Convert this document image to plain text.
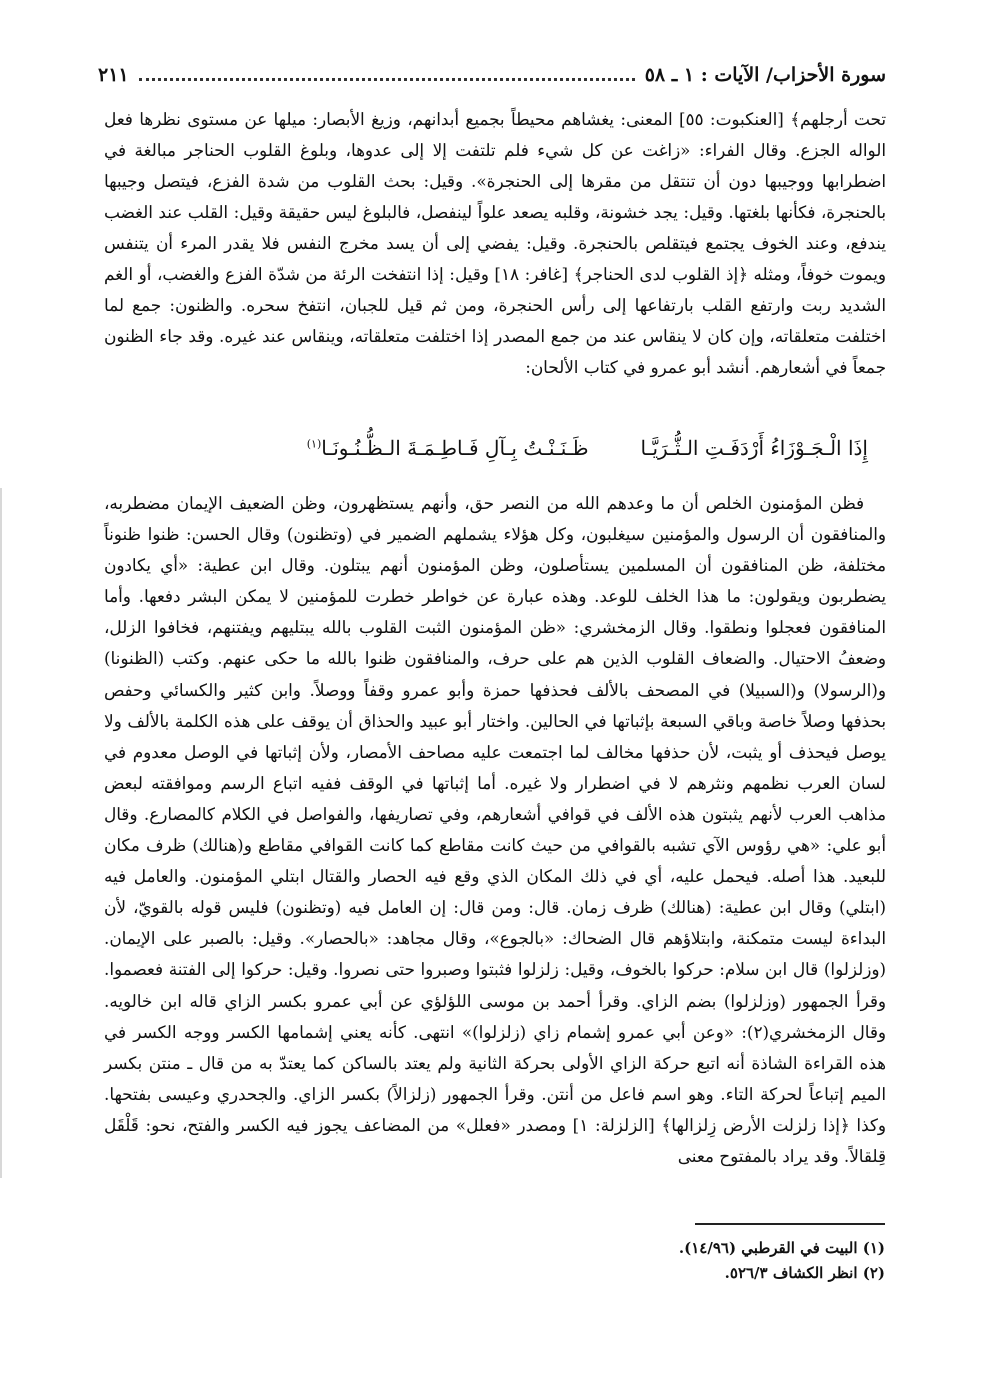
سورة الأحزاب/ الآيات : ١ ـ ٥٨
٢١١

تحت أرجلهم﴾ [العنكبوت: ٥٥] المعنى: يغشاهم محيطاً بجميع أبدانهم، وزيغ الأبصار: ميلها عن مستوى نظرها فعل الواله الجزع. وقال الفراء: «زاغت عن كل شيء فلم تلتفت إلا إلى عدوها، وبلوغ القلوب الحناجر مبالغة في اضطرابها ووجيبها دون أن تنتقل من مقرها إلى الحنجرة». وقيل: بحث القلوب من شدة الفزع، فيتصل وجيبها بالحنجرة، فكأنها بلغتها. وقيل: يجد خشونة، وقلبه يصعد علواً لينفصل، فالبلوغ ليس حقيقة وقيل: القلب عند الغضب يندفع، وعند الخوف يجتمع فيتقلص بالحنجرة. وقيل: يفضي إلى أن يسد مخرج النفس فلا يقدر المرء أن يتنفس ويموت خوفاً، ومثله ﴿إذ القلوب لدى الحناجر﴾ [غافر: ١٨] وقيل: إذا انتفخت الرئة من شدّة الفزع والغضب، أو الغم الشديد ربت وارتفع القلب بارتفاعها إلى رأس الحنجرة، ومن ثم قيل للجبان، انتفخ سحره. والظنون: جمع لما اختلفت متعلقاته، وإن كان لا ينقاس عند من جمع المصدر إذا اختلفت متعلقاته، وينقاس عند غيره. وقد جاء الظنون جمعاً في أشعارهم. أنشد أبو عمرو في كتاب الألحان:

إِذَا الْـجَـوْزَاءُ أَرْدَفَـتِ الـثُّـرَيَّـا
ظَـنَـنْـتُ بِـآلِ فَـاطِـمَـةَ الـظُّـنُـونَـا$^{(١)}$

فظن المؤمنون الخلص أن ما وعدهم الله من النصر حق، وأنهم يستظهرون، وظن الضعيف الإيمان مضطربه، والمنافقون أن الرسول والمؤمنين سيغلبون، وكل هؤلاء يشملهم الضمير في (وتظنون) وقال الحسن: ظنوا ظنوناً مختلفة، ظن المنافقون أن المسلمين يستأصلون، وظن المؤمنون أنهم يبتلون. وقال ابن عطية: «أي يكادون يضطربون ويقولون: ما هذا الخلف للوعد. وهذه عبارة عن خواطر خطرت للمؤمنين لا يمكن البشر دفعها. وأما المنافقون فعجلوا ونطقوا. وقال الزمخشري: «ظن المؤمنون الثبت القلوب بالله يبتليهم ويفتنهم، فخافوا الزلل، وضعفُ الاحتيال. والضعاف القلوب الذين هم على حرف، والمنافقون ظنوا بالله ما حكى عنهم. وكتب (الظنونا) و(الرسولا) و(السبيلا) في المصحف بالألف فحذفها حمزة وأبو عمرو وقفاً ووصلاً. وابن كثير والكسائي وحفص بحذفها وصلاً خاصة وباقي السبعة بإثباتها في الحالين. واختار أبو عبيد والحذاق أن يوقف على هذه الكلمة بالألف ولا يوصل فيحذف أو يثبت، لأن حذفها مخالف لما اجتمعت عليه مصاحف الأمصار، ولأن إثباتها في الوصل معدوم في لسان العرب نظمهم ونثرهم لا في اضطرار ولا غيره. أما إثباتها في الوقف ففيه اتباع الرسم وموافقته لبعض مذاهب العرب لأنهم يثبتون هذه الألف في قوافي أشعارهم، وفي تصاريفها، والفواصل في الكلام كالمصارع. وقال أبو علي: «هي رؤوس الآي تشبه بالقوافي من حيث كانت مقاطع كما كانت القوافي مقاطع و(هنالك) ظرف مكان للبعيد. هذا أصله. فيحمل عليه، أي في ذلك المكان الذي وقع فيه الحصار والقتال ابتلي المؤمنون. والعامل فيه (ابتلي) وقال ابن عطية: (هنالك) ظرف زمان. قال: ومن قال: إن العامل فيه (وتظنون) فليس قوله بالقويّ، لأن البداءة ليست متمكنة، وابتلاؤهم قال الضحاك: «بالجوع»، وقال مجاهد: «بالحصار». وقيل: بالصبر على الإيمان. (وزلزلوا) قال ابن سلام: حركوا بالخوف، وقيل: زلزلوا فثبتوا وصبروا حتى نصروا. وقيل: حركوا إلى الفتنة فعصموا. وقرأ الجمهور (وزلزلوا) بضم الزاي. وقرأ أحمد بن موسى اللؤلؤي عن أبي عمرو بكسر الزاي قاله ابن خالويه. وقال الزمخشري(٢): «وعن أبي عمرو إشمام زاي (زلزلوا)» انتهى. كأنه يعني إشمامها الكسر ووجه الكسر في هذه القراءة الشاذة أنه اتبع حركة الزاي الأولى بحركة الثانية ولم يعتد بالساكن كما يعتدّ به من قال ـ منتن بكسر الميم إتباعاً لحركة التاء. وهو اسم فاعل من أنتن. وقرأ الجمهور (زلزالاً) بكسر الزاي. والجحدري وعيسى بفتحها. وكذا ﴿إذا زلزلت الأرض زِلزالها﴾ [الزلزلة: ١] ومصدر «فعلل» من المضاعف يجوز فيه الكسر والفتح، نحو: قَلْقَل قِلقالاً. وقد يراد بالمفتوح معنى

(١) البيت في القرطبي (١٤/٩٦).

(٢) انظر الكشاف ٥٢٦/٣.
